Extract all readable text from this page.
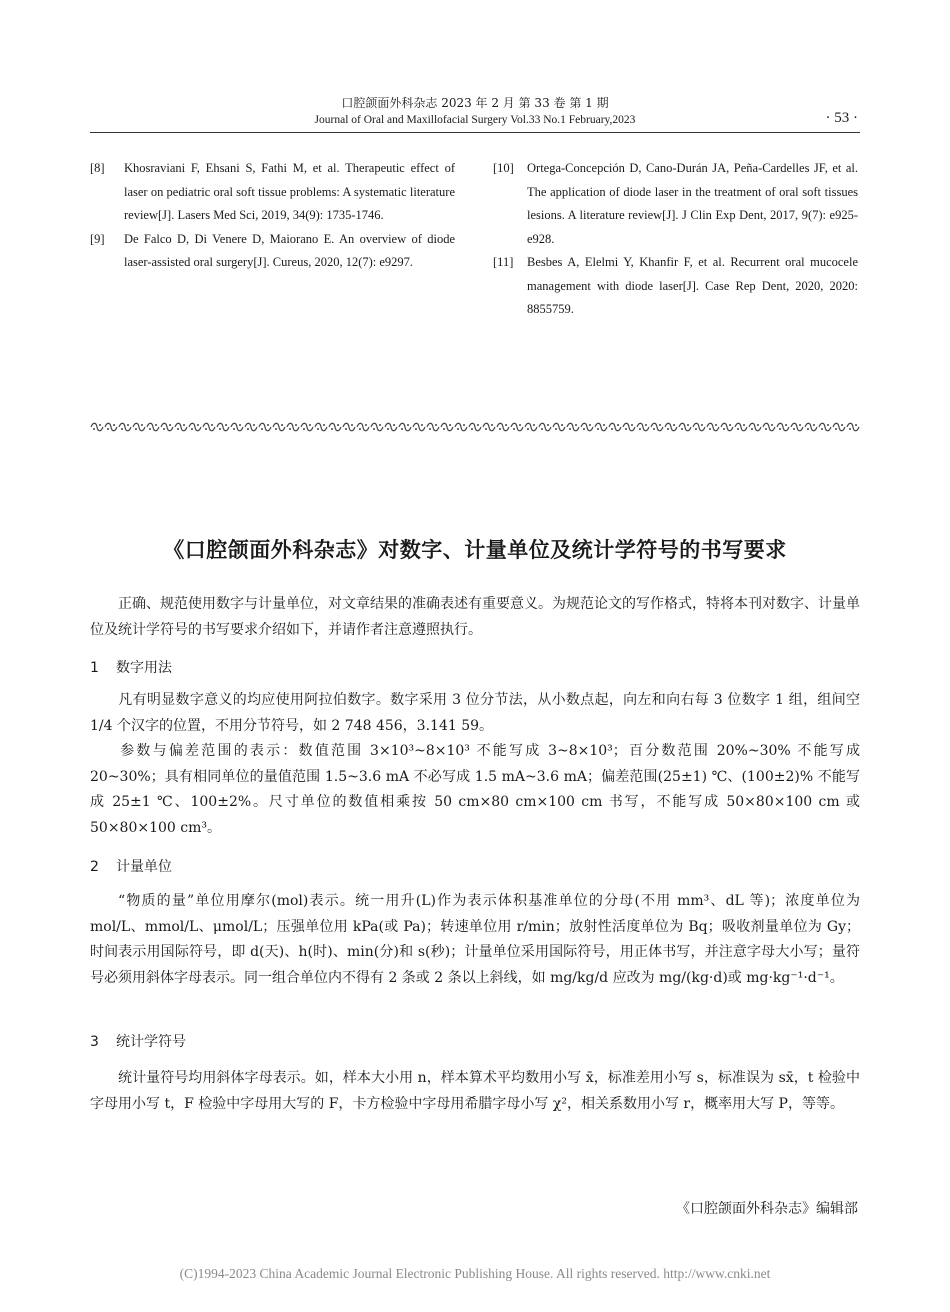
口腔颌面外科杂志 2023 年 2 月 第 33 卷 第 1 期
Journal of Oral and Maxillofacial Surgery Vol.33 No.1 February,2023	· 53 ·
[8] Khosraviani F, Ehsani S, Fathi M, et al. Therapeutic effect of laser on pediatric oral soft tissue problems: A systematic literature review[J]. Lasers Med Sci, 2019, 34(9): 1735-1746.
[9] De Falco D, Di Venere D, Maiorano E. An overview of diode laser-assisted oral surgery[J]. Cureus, 2020, 12(7): e9297.
[10] Ortega-Concepción D, Cano-Durán JA, Peña-Cardelles JF, et al. The application of diode laser in the treatment of oral soft tissues lesions. A literature review[J]. J Clin Exp Dent, 2017, 9(7): e925-e928.
[11] Besbes A, Elelmi Y, Khanfir F, et al. Recurrent oral mucocele management with diode laser[J]. Case Rep Dent, 2020, 2020: 8855759.
《口腔颌面外科杂志》对数字、计量单位及统计学符号的书写要求
正确、规范使用数字与计量单位，对文章结果的准确表述有重要意义。为规范论文的写作格式，特将本刊对数字、计量单位及统计学符号的书写要求介绍如下，并请作者注意遵照执行。
1 数字用法
凡有明显数字意义的均应使用阿拉伯数字。数字采用 3 位分节法，从小数点起，向左和向右每 3 位数字 1 组，组间空 1/4 个汉字的位置，不用分节符号，如 2 748 456，3.141 59。
参数与偏差范围的表示：数值范围 3×10³~8×10³ 不能写成 3~8×10³；百分数范围 20%~30% 不能写成 20~30%；具有相同单位的量值范围 1.5~3.6 mA 不必写成 1.5 mA~3.6 mA；偏差范围(25±1) ℃、(100±2)% 不能写成 25±1 ℃、100±2%。尺寸单位的数值相乘按 50 cm×80 cm×100 cm 书写，不能写成 50×80×100 cm 或 50×80×100 cm³。
2 计量单位
“物质的量”单位用摩尔(mol)表示。统一用升(L)作为表示体积基准单位的分母(不用 mm³、dL 等)；浓度单位为 mol/L、mmol/L、μmol/L；压强单位用 kPa(或 Pa)；转速单位用 r/min；放射性活度单位为 Bq；吸收剂量单位为 Gy；时间表示用国际符号，即 d(天)、h(时)、min(分)和 s(秒)；计量单位采用国际符号，用正体书写，并注意字母大小写；量符号必须用斜体字母表示。同一组合单位内不得有 2 条或 2 条以上斜线，如 mg/kg/d 应改为 mg/(kg·d)或 mg·kg⁻¹·d⁻¹。
3 统计学符号
统计量符号均用斜体字母表示。如，样本大小用 n，样本算术平均数用小写 x̄，标准差用小写 s，标准误为 sx̄，t 检验中字母用小写 t，F 检验中字母用大写的 F，卡方检验中字母用希腊字母小写 χ²，相关系数用小写 r，概率用大写 P，等等。
《口腔颌面外科杂志》编辑部
(C)1994-2023 China Academic Journal Electronic Publishing House. All rights reserved. http://www.cnki.net
